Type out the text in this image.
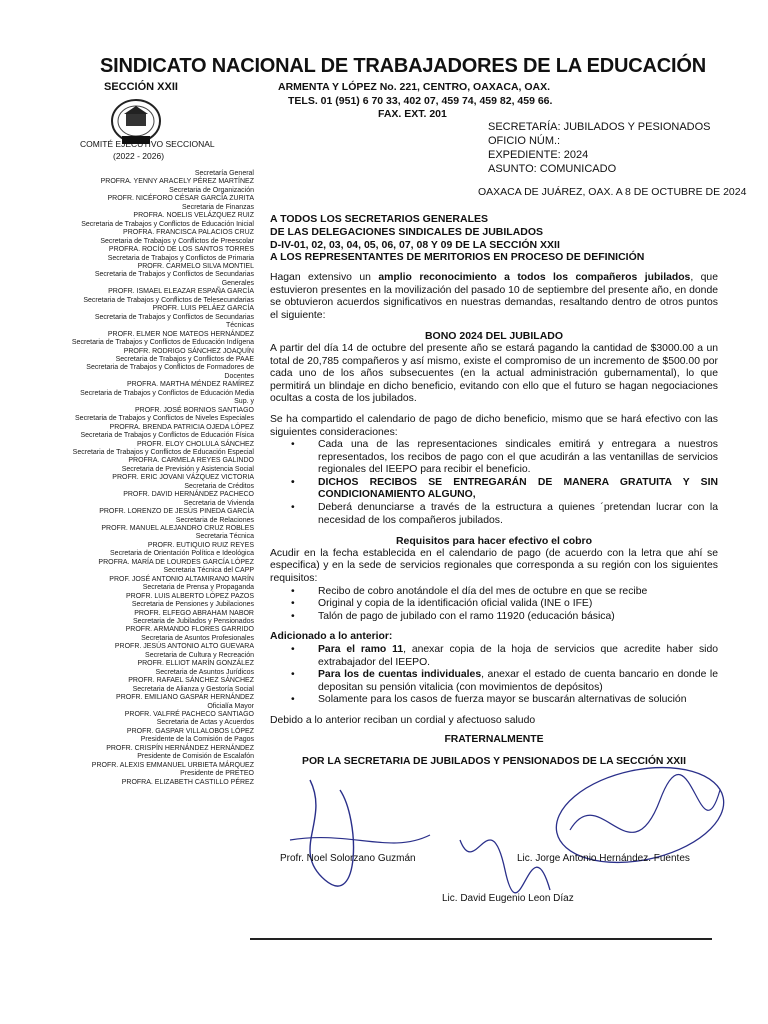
SINDICATO NACIONAL DE TRABAJADORES DE LA EDUCACIÓN
SECCIÓN XXII	ARMENTA Y LÓPEZ No. 221, CENTRO, OAXACA, OAX.
TELS. 01 (951) 6 70 33, 402 07, 459 74, 459 82, 459 66.
FAX. EXT. 201
COMITÉ EJECUTIVO SECCIONAL
(2022 - 2026)
SECRETARÍA: JUBILADOS Y PESIONADOS
OFICIO NÚM.:
EXPEDIENTE: 2024
ASUNTO: COMUNICADO
OAXACA DE JUÁREZ, OAX. A 8 DE OCTUBRE DE 2024
Secretaría General
PROFRA. YENNY ARACELY PÉREZ MARTÍNEZ
Secretaria de Organización
PROFR. NICÉFORO CÉSAR GARCÍA ZURITA
Secretaria de Finanzas
PROFRA. NOELIS VELÁZQUEZ RUIZ
Secretaria de Trabajos y Conflictos de Educación Inicial
PROFRA. FRANCISCA PALACIOS CRUZ
Secretaria de Trabajos y Conflictos de Preescolar
PROFRA. ROCÍO DE LOS SANTOS TORRES
Secretaria de Trabajos y Conflictos de Primaria
PROFR. CARMELO SILVA MONTIEL
Secretaria de Trabajos y Conflictos de Secundarias
Generales
PROFR. ISMAEL ELEAZAR ESPAÑA GARCÍA
Secretaria de Trabajos y Conflictos de Telesecundarias
PROFR. LUIS PELÁEZ GARCÍA
Secretaria de Trabajos y Conflictos de Secundarias
Técnicas
PROFR. ELMER NOE MATEOS HERNÁNDEZ
Secretaria de Trabajos y Conflictos de Educación Indígena
PROFR. RODRIGO SÁNCHEZ JOAQUÍN
Secretaria de Trabajos y Conflictos de PAAE
Secretaria de Trabajos y Conflictos de Formadores de
Docentes
PROFRA. MARTHA MÉNDEZ RAMÍREZ
Secretaria de Trabajos y Conflictos de Educación Media
Sup. y
PROFR. JOSÉ BORNIOS SANTIAGO
Secretaria de Trabajos y Conflictos de Niveles Especiales
PROFRA. BRENDA PATRICIA OJEDA LÓPEZ
Secretaria de Trabajos y Conflictos de Educación Física
PROFR. ELOY CHOLULA SÁNCHEZ
Secretaria de Trabajos y Conflictos de Educación Especial
PROFRA. CARMELA REYES GALINDO
Secretaria de Previsión y Asistencia Social
PROFR. ERIC JOVANI VÁZQUEZ VICTORIA
Secretaria de Créditos
PROFR. DAVID HERNÁNDEZ PACHECO
Secretaria de Vivienda
PROFR. LORENZO DE JESÚS PINEDA GARCÍA
Secretaria de Relaciones
PROFR. MANUEL ALEJANDRO CRUZ ROBLES
Secretaria Técnica
PROFR. EUTIQUIO RUIZ REYES
Secretaria de Orientación Política e Ideológica
PROFRA. MARÍA DE LOURDES GARCÍA LÓPEZ
Secretaria Técnica del CAPP
PROF. JOSÉ ANTONIO ALTAMIRANO MARÍN
Secretaria de Prensa y Propaganda
PROFR. LUIS ALBERTO LÓPEZ PAZOS
Secretaria de Pensiones y Jubilaciones
PROFR. ELFEGO ABRAHAM NABOR
Secretaria de Jubilados y Pensionados
PROFR. ARMANDO FLORES GARRIDO
Secretaria de Asuntos Profesionales
PROFR. JESÚS ANTONIO ALTO GUEVARA
Secretaria de Cultura y Recreación
PROFR. ELLIOT MARÍN GONZÁLEZ
Secretaria de Asuntos Jurídicos
PROFR. RAFAEL SÁNCHEZ SÁNCHEZ
Secretaria de Alianza y Gestoría Social
PROFR. EMILIANO GASPAR HERNÁNDEZ
Oficialía Mayor
PROFR. VALFRÉ PACHECO SANTIAGO
Secretaria de Actas y Acuerdos
PROFR. GASPAR VILLALOBOS LÓPEZ
Presidente de la Comisión de Pagos
PROFR. CRISPÍN HERNÁNDEZ HERNÁNDEZ
Presidente de Comisión de Escalafón
PROFR. ALEXIS EMMANUEL URBIETA MÁRQUEZ
Presidente de PRETEO
PROFRA. ELIZABETH CASTILLO PÉREZ
A TODOS LOS SECRETARIOS GENERALES
DE LAS DELEGACIONES SINDICALES DE JUBILADOS
D-IV-01, 02, 03, 04, 05, 06, 07, 08 Y 09 DE LA SECCIÓN XXII

A LOS REPRESENTANTES DE MERITORIOS EN PROCESO DE DEFINICIÓN

Hagan extensivo un amplio reconocimiento a todos los compañeros jubilados, que estuvieron presentes en la movilización del pasado 10 de septiembre del presente año, en donde se obtuvieron acuerdos significativos en nuestras demandas, resaltando dentro de otros puntos el siguiente:

BONO 2024 DEL JUBILADO

A partir del día 14 de octubre del presente año se estará pagando la cantidad de $3000.00 a un total de 20,785 compañeros y así mismo, existe el compromiso de un incremento de $500.00 por cada uno de los años subsecuentes (en la actual administración gubernamental), lo que permitirá un blindaje en dicho beneficio, evitando con ello que el futuro se hagan negociaciones ocultas a costa de los jubilados.

Se ha compartido el calendario de pago de dicho beneficio, mismo que se hará efectivo con las siguientes consideraciones:

• Cada una de las representaciones sindicales emitirá y entregara a nuestros representados, los recibos de pago con el que acudirán a las ventanillas de servicios regionales del IEEPO para recibir el beneficio.
• DICHOS RECIBOS SE ENTREGARÁN DE MANERA GRATUITA Y SIN CONDICIONAMIENTO ALGUNO,
• Deberá denunciarse a través de la estructura a quienes ´pretendan lucrar con la necesidad de los compañeros jubilados.

Requisitos para hacer efectivo el cobro

Acudir en la fecha establecida en el calendario de pago (de acuerdo con la letra que ahí se especifica) y en la sede de servicios regionales que corresponda a su región con los siguientes requisitos:

• Recibo de cobro anotándole el día del mes de octubre en que se recibe
• Original y copia de la identificación oficial valida (INE o IFE)
• Talón de pago de jubilado con el ramo 11920 (educación básica)

Adicionado a lo anterior:

• Para el ramo 11, anexar copia de la hoja de servicios que acredite haber sido extrabajador del IEEPO.
• Para los de cuentas individuales, anexar el estado de cuenta bancario en donde le depositan su pensión vitalicia (con movimientos de depósitos)
• Solamente para los casos de fuerza mayor se buscarán alternativas de solución

Debido a lo anterior reciban un cordial y afectuoso saludo

FRATERNALMENTE

POR LA SECRETARIA DE JUBILADOS Y PENSIONADOS DE LA SECCIÓN XXII

Profr. Noel Solorzano Guzmán	Lic. Jorge Antonio Hernández. Fuentes
Lic. David Eugenio Leon Díaz
